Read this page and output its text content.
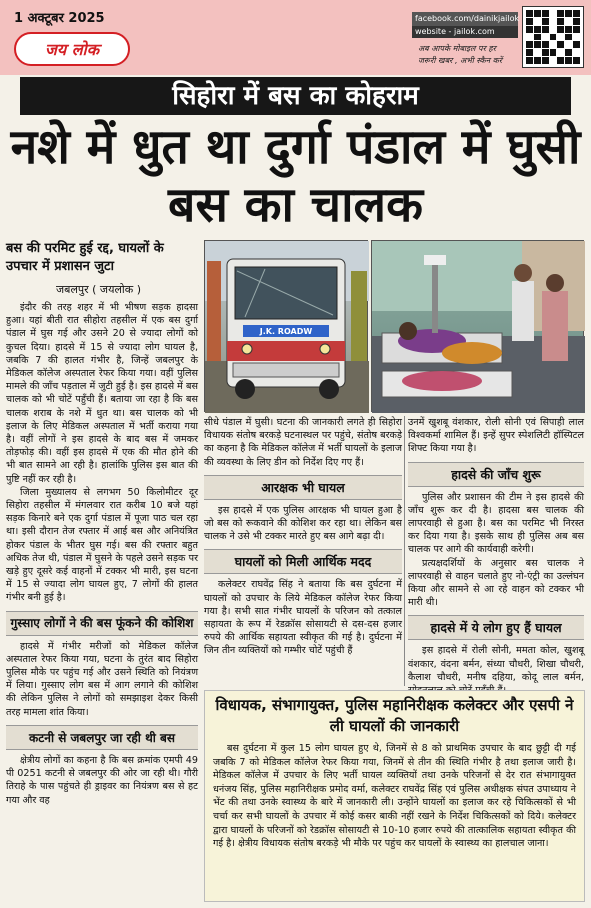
1 अक्टूबर 2025
जय लोक
facebook.com/dainikjailok
website - jailok.com
अब आपके मोबाइल पर हर
जरूरी खबर , अभी स्कैन करें
सिहोरा में बस का कोहराम
नशे में धुत था दुर्गा पंडाल में घुसी बस का चालक
बस की परमिट हुई रद्द, घायलों के उपचार में प्रशासन जुटा
जबलपुर ( जयलोक )

इंदौर की तरह शहर में भी भीषण सड़क हादसा हुआ। यहां बीती रात सीहोरा तहसील में एक बस दुर्गा पंडाल में घुस गई और उसने 20 से ज्यादा लोगों को कुचल दिया। हादसे में 15 से ज्यादा लोग घायल है, जबकि 7 की हालत गंभीर है, जिन्हें जबलपुर के मेडिकल कॉलेज अस्पताल रेफर किया गया। वहीं पुलिस मामले की जाँच पड़ताल में जुटी हुई है। इस हादसे में बस चालक को भी चोटें पहुँची हैं। बताया जा रहा है कि बस चालक शराब के नशे में धुत था। बस चालक को भी इलाज के लिए मेडिकल अस्पताल में भर्ती कराया गया है। वहीं लोगों ने इस हादसे के बाद बस में जमकर तोड़फोड़ की। वहीं इस हादसे में एक की मौत होने की भी बात सामने आ रही है। हालांकि पुलिस इस बात की पुष्टि नहीं कर रही है।

जिला मुख्यालय से लगभग 50 किलोमीटर दूर सिहोरा तहसील में मंगलवार रात करीब 10 बजे यहां सड़क किनारे बने एक दुर्गा पंडाल में पूजा पाठ चल रहा था। इसी दौरान तेज रफ्तार में आई बस और अनियंत्रित होकर पंडाल के भीतर घुस गई। बस की रफ्तार बहुत अधिक तेज थी, पंडाल में घुसने के पहले उसने सड़क पर खड़े हुए दूसरे कई वाहनों में टक्कर भी मारी, इस घटना में 15 से ज्यादा लोग घायल हुए, 7 लोगों की हालत गंभीर बनी हुई है।

गुस्साए लोगों ने की बस फूंकने की कोशिश

हादसे में गंभीर मरीजों को मेडिकल कॉलेज अस्पताल रेफर किया गया, घटना के तुरंत बाद सिहोरा पुलिस मौके पर पहुंच गई और उसने स्थिति को नियंत्रण में लिया। गुस्साए लोग बस में आग लगाने की कोशिश की लेकिन पुलिस ने लोगों को समझाइश देकर किसी तरह मामला शांत किया।

कटनी से जबलपुर जा रही थी बस

क्षेत्रीय लोगों का कहना है कि बस क्रमांक एमपी 49 पी 0251 कटनी से जबलपुर की ओर जा रही थी। गौरी तिराहे के पास पहुंचते ही ड्राइवर का नियंत्रण बस से हट गया और वह

J.K. ROADW

सीधे पंडाल में घुसी। घटना की जानकारी लगते ही सिहोरा विधायक संतोष बरकड़े घटनास्थल पर पहुंचे, संतोष बरकड़े का कहना है कि मेडिकल कॉलेज में भर्ती घायलों के इलाज की व्यवस्था के लिए डीन को निर्देश दिए गए हैं।

आरक्षक भी घायल

इस हादसे में एक पुलिस आरक्षक भी घायल हुआ है जो बस को रूकवाने की कोशिश कर रहा था। लेकिन बस चालक ने उसे भी टक्कर मारते हुए बस आगे बढ़ा दी।

घायलों को मिली आर्थिक मदद

कलेक्टर राघवेंद्र सिंह ने बताया कि बस दुर्घटना में घायलों को उपचार के लिये मेडिकल कॉलेज रेफर किया गया है। सभी सात गंभीर घायलों के परिजन को तत्काल सहायता के रूप में रेडक्रॉस सोसायटी से दस-दस हजार रुपये की आर्थिक सहायता स्वीकृत की गई है। दुर्घटना में जिन तीन व्यक्तियों को गम्भीर चोटें पहुंची हैं

उनमें खुशबू वंशकार, रोली सोनी एवं सिपाही लाल विश्वकर्मा शामिल हैं। इन्हें सुपर स्पेशलिटी हॉस्पिटल शिफ्ट किया गया है।

हादसे की जाँच शुरू

पुलिस और प्रशासन की टीम ने इस हादसे की जाँच शुरू कर दी है। हादसा बस चालक की लापरवाही से हुआ है। बस का परमिट भी निरस्त कर दिया गया है। इसके साथ ही पुलिस अब बस चालक पर आगे की कार्यवाही करेगी।

प्रत्यक्षदर्शियों के अनुसार बस चालक ने लापरवाही से वाहन चलाते हुए नो-एंट्री का उल्लंघन किया और सामने से आ रहे वाहन को टक्कर भी मारी थी।

हादसे में ये लोग हुए हैं घायल

इस हादसे में रोली सोनी, ममता कोल, खुशबू वंशकार, वंदना बर्मन, संध्या चौधरी, शिखा चौधरी, कैलाश चौधरी, मनीष दहिया, कोदू लाल बर्मन,

विधायक, संभागायुक्त, पुलिस महानिरीक्षक कलेक्टर और एसपी ने ली घायलों की जानकारी

बस दुर्घटना में कुल 15 लोग घायल हुए थे, जिनमें से 8 को प्राथमिक उपचार के बाद छुट्टी दी गई जबकि 7 को मेडिकल कॉलेज रेफर किया गया, जिनमें से तीन की स्थिति गंभीर है तथा इलाज जारी है। मेडिकल कॉलेज में उपचार के लिए भर्ती घायल व्यक्तियों तथा उनके परिजनों से देर रात संभागायुक्त धनंजय सिंह, पुलिस महानिरीक्षक प्रमोद वर्मा, कलेक्टर राघवेंद्र सिंह एवं पुलिस अधीक्षक संपत उपाध्याय ने भेंट की तथा उनके स्वास्थ्य के बारे में जानकारी ली। उन्होंने घायलों का इलाज कर रहे चिकित्सकों से भी चर्चा कर सभी घायलों के उपचार में कोई कसर बाकी नहीं रखने के निर्देश चिकित्सकों को दिये। कलेक्टर द्वारा घायलों के परिजनों को रेडक्रॉस सोसायटी से 10-10 हजार रुपये की तात्कालिक सहायता स्वीकृत की गई है। क्षेत्रीय विधायक संतोष बरकड़े भी मौके पर पहुंच कर घायलों के स्वास्थ्य का हालचाल जाना।
